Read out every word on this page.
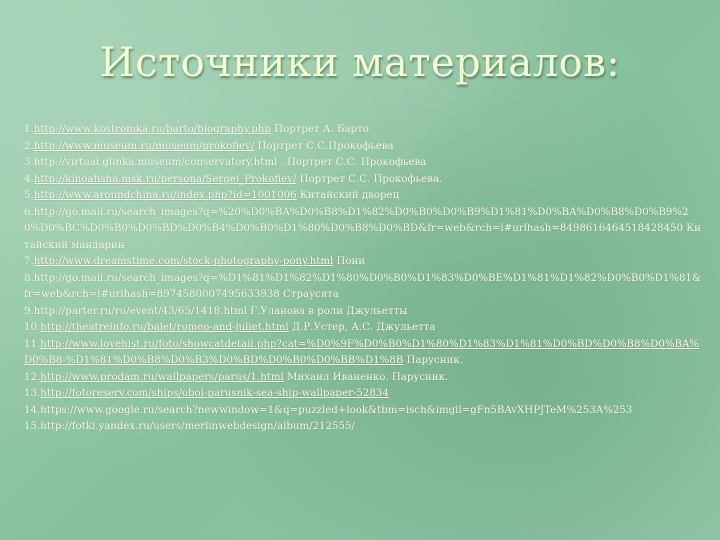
Источники материалов:
1.http://www.kostromka.ru/barto/biography.php Портрет А. Барто
2.http://www.museum.ru/museum/prokofiev/ Портрет С.С.Прокофьева
3.http://virtual.glinka.museum/conservatory.html . Портрет С.С. Прокофьева
4.http://kinoafisha.msk.ru/persona/Sergei_Prokofiev/ Портрет С.С. Прокофьева.
5.http://www.aroundchina.ru/index.php?id=1001006 Китайский дворец
6.http://go.mail.ru/search_images?q=%20%D0%BA%D0%B8%D1%82%D0%B0%D0%B9%D1%81%D0%BA%D0%B8%D0%B9%20%D0%BC%D0%B0%D0%BD%D0%B4%D0%B0%D1%80%D0%B8%D0%BD&fr=web&rch=l#urlhash=8498616464518428450 Китайский мандарин
7.http://www.dreamstime.com/stock-photography-pony.html Пони
8.http://go.mail.ru/search_images?q=%D1%81%D1%82%D1%80%D0%B0%D1%83%D0%BE%D1%81%D1%82%D0%B0%D1%81&fr=web&rch=l#urlhash=8974580007495633938 Страусята
9.http://parter.ru/ru/event/43/65/1418.html Г.Уланова в роли Джульетты
10.http://theatreinfo.ru/balet/romeo-and-juliet.html Д.Р.Устер, А.С. Джульетта
11.http://www.lovehist.ru/foto/showcatdetail.php?cat=%D0%9F%D0%B0%D1%80%D1%83%D1%81%D0%BD%D0%B8%D0%BA%D0%B8-%D1%81%D0%B8%D0%B3%D0%BD%D0%B0%D0%BB%D1%8B Парусник.
12.http://www.prodam.ru/wallpapers/parus/1.html Михаил Иваненко. Парусник.
13.http://fotoreserv.com/ships/oboi-parusnik-sea-ship-wallpaper-52834
14.https://www.google.ru/search?newwindow=1&q=puzzled+look&tbm=isch&imgil=gFn5BAvXHPJTeM%253A%253
15.http://fotki.yandex.ru/users/merlinwebdesign/album/212555/
